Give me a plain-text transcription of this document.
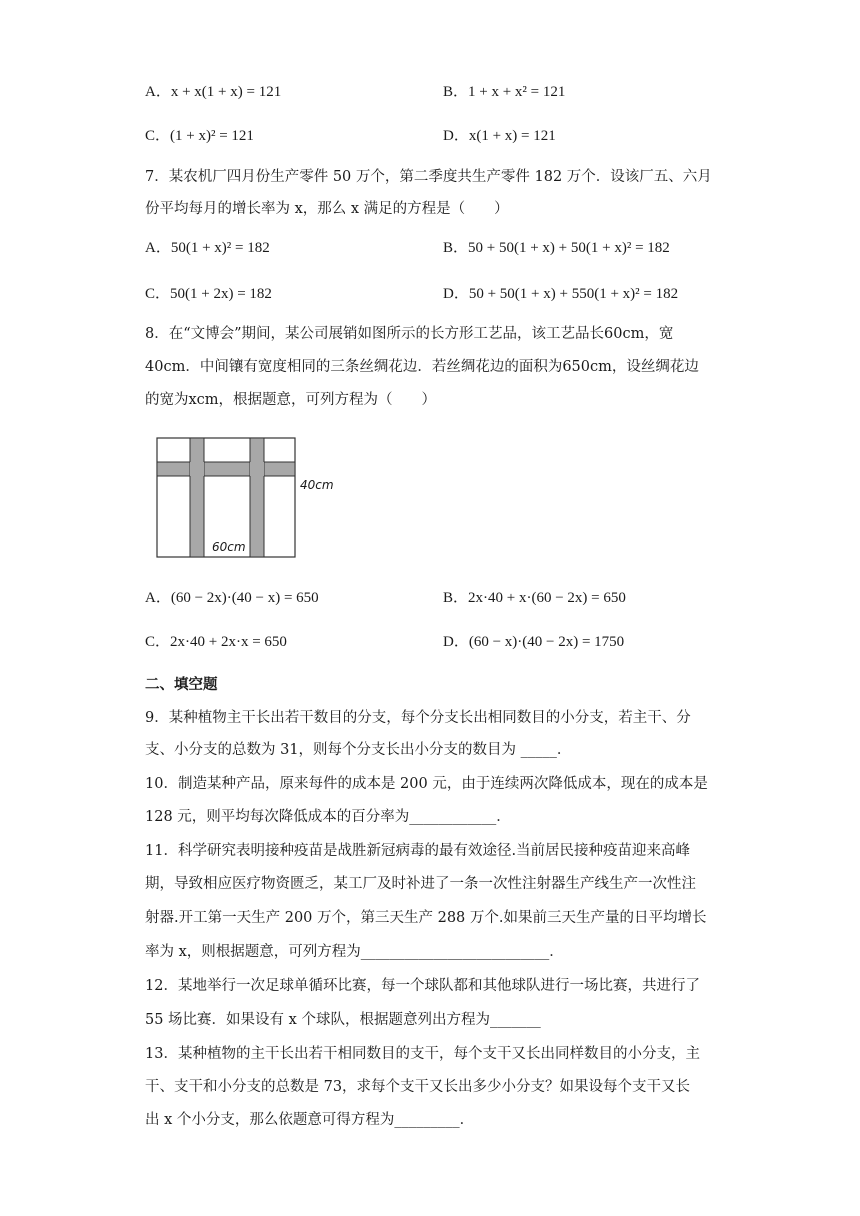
A．x + x(1 + x) = 121	B．1 + x + x² = 121
C．(1 + x)² = 121	D．x(1 + x) = 121
7．某农机厂四月份生产零件 50 万个，第二季度共生产零件 182 万个．设该厂五、六月
份平均每月的增长率为 x，那么 x 满足的方程是（　　）
A．50(1 + x)² = 182	B．50 + 50(1 + x) + 50(1 + x)² = 182
C．50(1 + 2x) = 182	D．50 + 50(1 + x) + 550(1 + x)² = 182
8．在“文博会”期间，某公司展销如图所示的长方形工艺品，该工艺品长60cm，宽
40cm．中间镶有宽度相同的三条丝绸花边．若丝绸花边的面积为650cm，设丝绸花边
的宽为xcm，根据题意，可列方程为（　　）
40cm
60cm
A．(60 − 2x)·(40 − x) = 650	B．2x·40 + x·(60 − 2x) = 650
C．2x·40 + 2x·x = 650	D．(60 − x)·(40 − 2x) = 1750
二、填空题
9．某种植物主干长出若干数目的分支，每个分支长出相同数目的小分支，若主干、分
支、小分支的总数为 31，则每个分支长出小分支的数目为 _____．
10．制造某种产品，原来每件的成本是 200 元，由于连续两次降低成本，现在的成本是
128 元，则平均每次降低成本的百分率为____________．
11．科学研究表明接种疫苗是战胜新冠病毒的最有效途径.当前居民接种疫苗迎来高峰
期，导致相应医疗物资匮乏，某工厂及时补进了一条一次性注射器生产线生产一次性注
射器.开工第一天生产 200 万个，第三天生产 288 万个.如果前三天生产量的日平均增长
率为 x，则根据题意，可列方程为__________________________．
12．某地举行一次足球单循环比赛，每一个球队都和其他球队进行一场比赛，共进行了
55 场比赛．如果设有 x 个球队，根据题意列出方程为_______
13．某种植物的主干长出若干相同数目的支干，每个支干又长出同样数目的小分支，主
干、支干和小分支的总数是 73，求每个支干又长出多少小分支？如果设每个支干又长
出 x 个小分支，那么依题意可得方程为_________．
